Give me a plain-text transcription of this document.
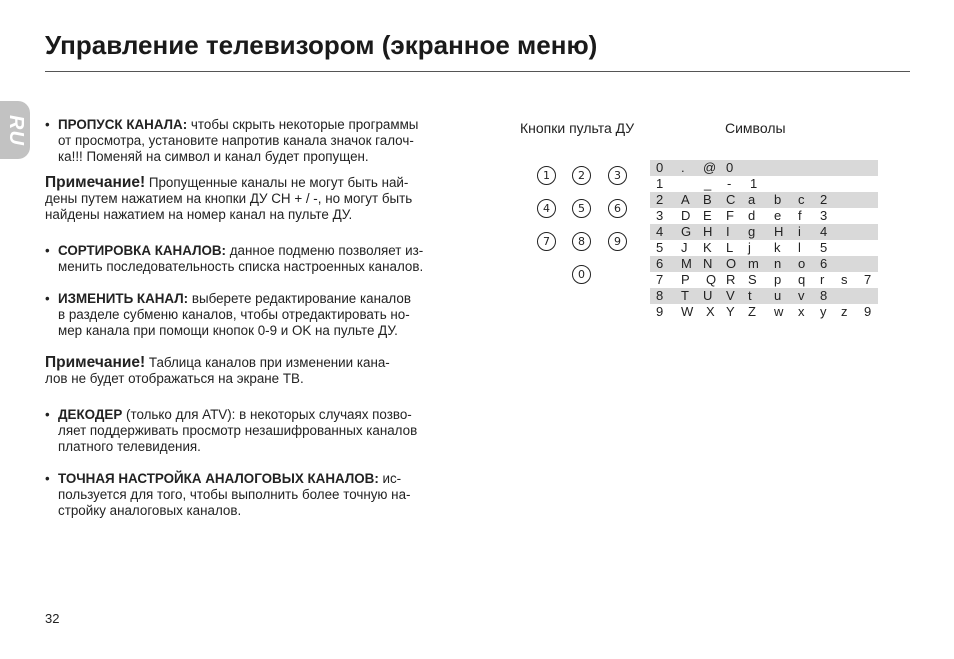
Управление телевизором (экранное меню)
RU

•	ПРОПУСК КАНАЛА: чтобы скрыть некоторые программы
от просмотра, установите напротив канала значок галоч-
ка!!! Поменяй на символ и канал будет пропущен.

Примечание! Пропущенные каналы не могут быть най-
дены путем нажатием на кнопки ДУ CH + / -, но могут быть
найдены нажатием на номер канал на пульте ДУ.

• СОРТИРОВКА КАНАЛОВ: данное подменю позволяет из-
менить последовательность списка настроенных каналов.

• ИЗМЕНИТЬ КАНАЛ: выберете редактирование каналов
в разделе субменю каналов, чтобы отредактировать но-
мер канала при помощи кнопок 0-9 и OK на пульте ДУ.

Примечание! Таблица каналов при изменении кана-
лов не будет отображаться на экране ТВ.

• ДЕКОДЕР (только для ATV): в некоторых случаях позво-
ляет поддерживать просмотр незашифрованных каналов
платного телевидения.

• ТОЧНАЯ НАСТРОЙКА АНАЛОГОВЫХ КАНАЛОВ: ис-
пользуется для того, чтобы выполнить более точную на-
стройку аналоговых каналов.

Кнопки пульта ДУ	Символы
1	2	3
4	5	6
7	8	9
0
0 . @ 0
1	_ - 1
2 A B C a b c 2
3 D E F d e f 3
4 G H I g H i 4
5 J K L j k l 5
6 M N O m n o 6
7 P Q R S p q r s 7
8 T U V t u v 8
9 W X Y Z w x y z 9
32
